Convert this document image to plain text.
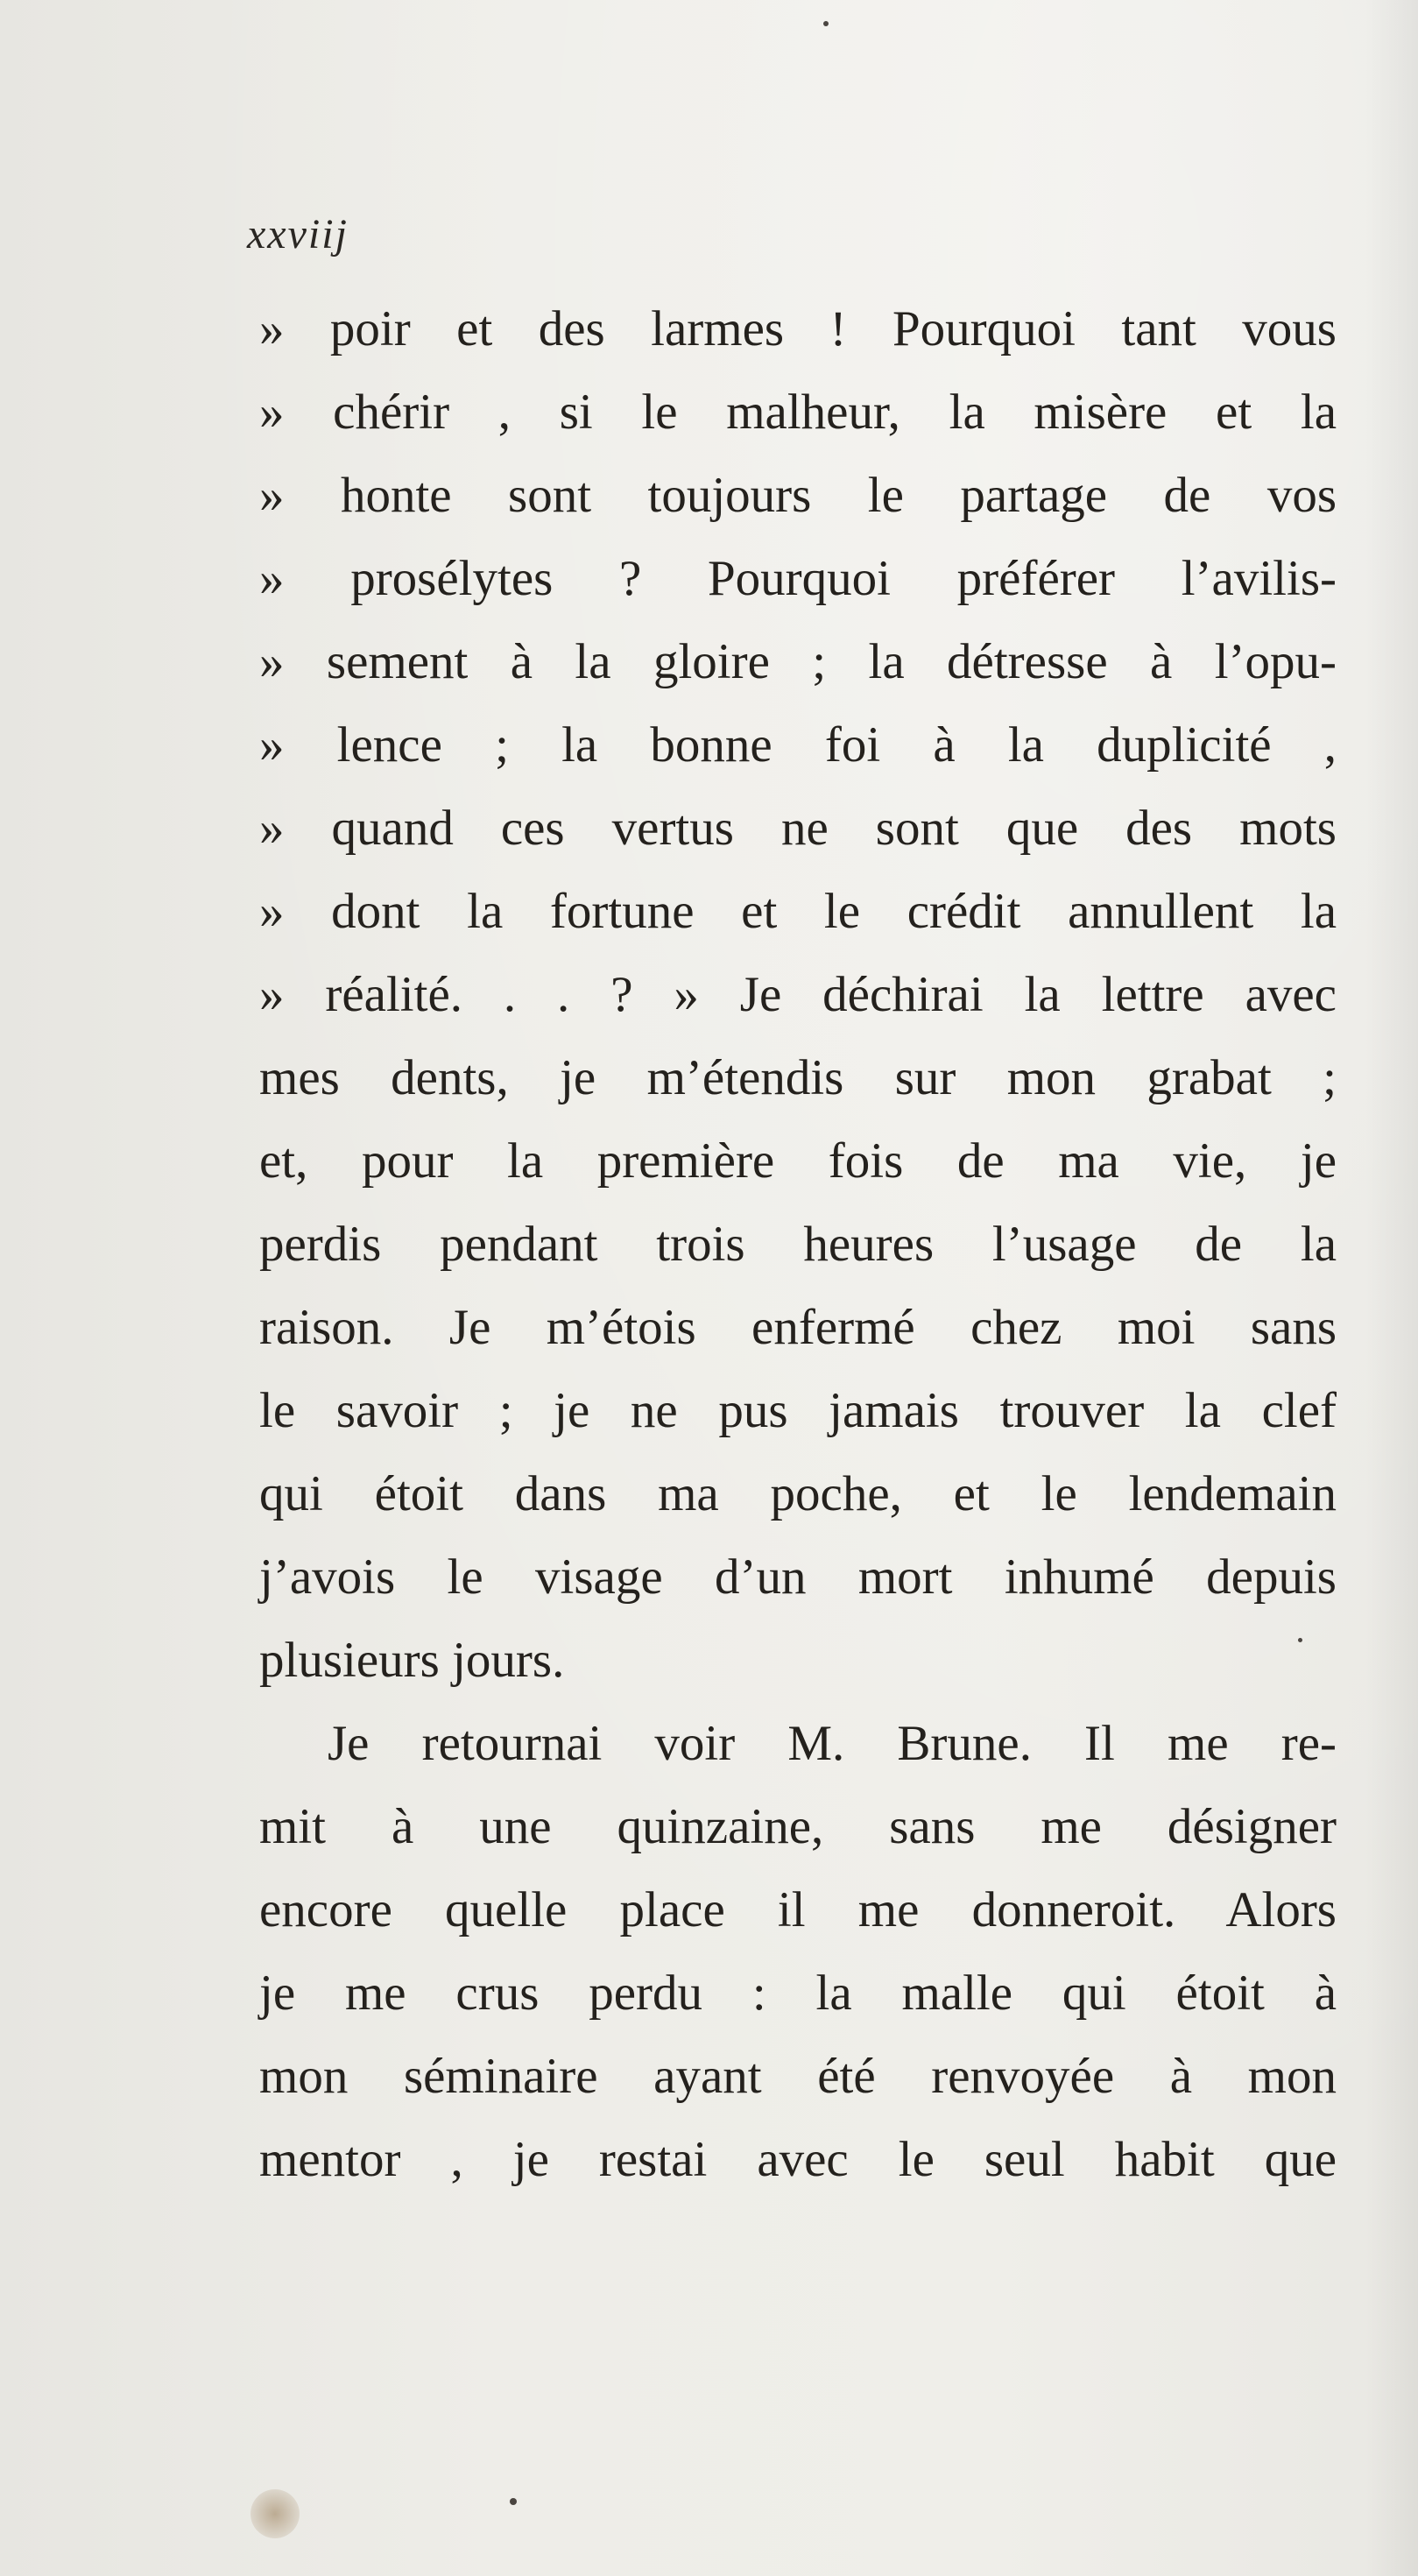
xxviij
» poir et des larmes ! Pourquoi tant vous
» chérir , si le malheur, la misère et la
» honte sont toujours le partage de vos
» prosélytes ? Pourquoi préférer l’avilis-
» sement à la gloire ; la détresse à l’opu-
» lence ; la bonne foi à la duplicité ,
» quand ces vertus ne sont que des mots
» dont la fortune et le crédit annullent la
» réalité. . . ? » Je déchirai la lettre avec
mes dents, je m’étendis sur mon grabat ;
et, pour la première fois de ma vie, je
perdis pendant trois heures l’usage de la
raison. Je m’étois enfermé chez moi sans
le savoir ; je ne pus jamais trouver la clef
qui étoit dans ma poche, et le lendemain
j’avois le visage d’un mort inhumé depuis
plusieurs jours.
Je retournai voir M. Brune. Il me re-
mit à une quinzaine, sans me désigner
encore quelle place il me donneroit. Alors
je me crus perdu : la malle qui étoit à
mon séminaire ayant été renvoyée à mon
mentor , je restai avec le seul habit que
